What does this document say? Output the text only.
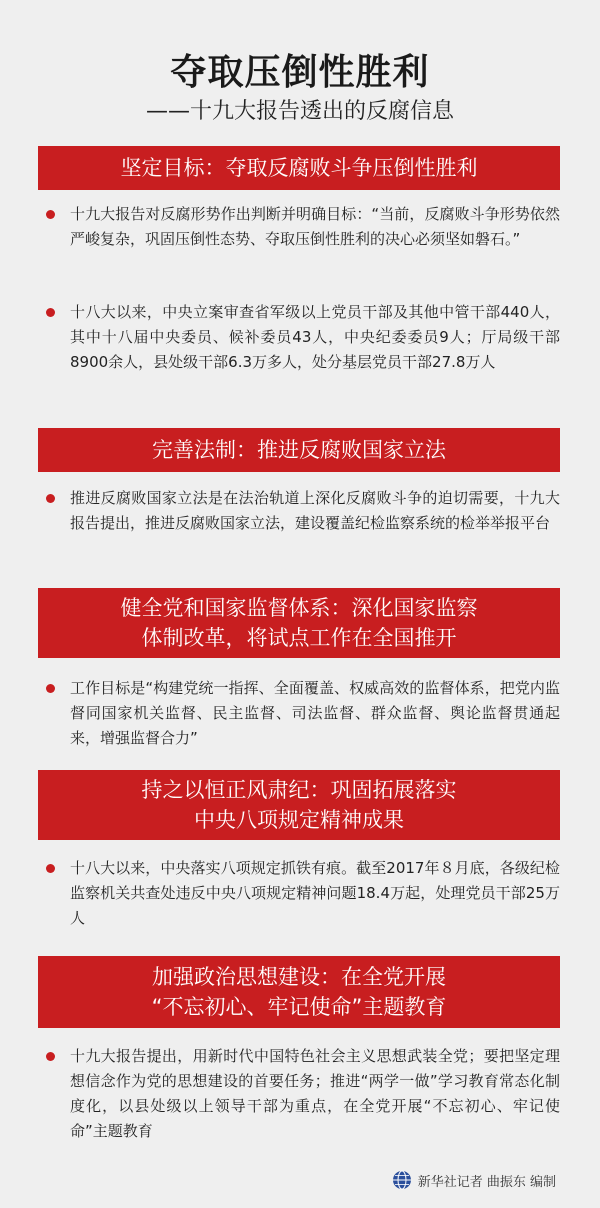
夺取压倒性胜利

——十九大报告透出的反腐信息

坚定目标：夺取反腐败斗争压倒性胜利

十九大报告对反腐形势作出判断并明确目标：“当前，反腐败斗争形势依然严峻复杂，巩固压倒性态势、夺取压倒性胜利的决心必须坚如磐石。”

十八大以来，中央立案审查省军级以上党员干部及其他中管干部440人，其中十八届中央委员、候补委员43人，中央纪委委员9人；厅局级干部8900余人，县处级干部6.3万多人，处分基层党员干部27.8万人

完善法制：推进反腐败国家立法

推进反腐败国家立法是在法治轨道上深化反腐败斗争的迫切需要，十九大报告提出，推进反腐败国家立法，建设覆盖纪检监察系统的检举举报平台

健全党和国家监督体系：深化国家监察
体制改革，将试点工作在全国推开

工作目标是“构建党统一指挥、全面覆盖、权威高效的监督体系，把党内监督同国家机关监督、民主监督、司法监督、群众监督、舆论监督贯通起来，增强监督合力”

持之以恒正风肃纪：巩固拓展落实
中央八项规定精神成果

十八大以来，中央落实八项规定抓铁有痕。截至2017年８月底，各级纪检监察机关共查处违反中央八项规定精神问题18.4万起，处理党员干部25万人

加强政治思想建设：在全党开展
“不忘初心、牢记使命”主题教育

十九大报告提出，用新时代中国特色社会主义思想武装全党；要把坚定理想信念作为党的思想建设的首要任务；推进“两学一做”学习教育常态化制度化，以县处级以上领导干部为重点，在全党开展“不忘初心、牢记使命”主题教育

新华社记者 曲振东 编制
